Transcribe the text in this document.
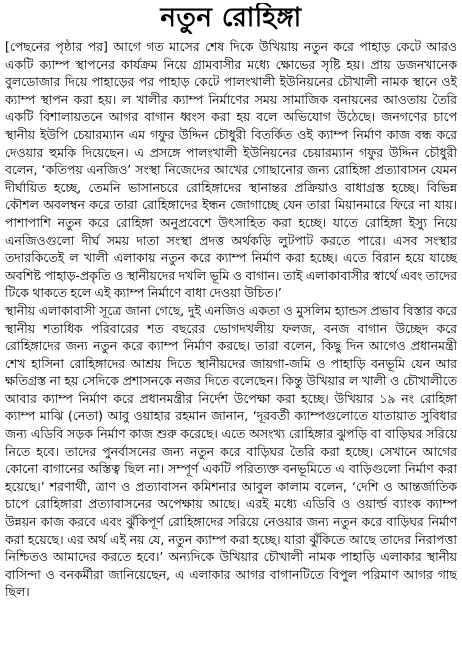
নতুন রোহিঙ্গা
[পেছনের পৃষ্ঠার পর] আগে গত মাসের শেষ দিকে উখিয়ায় নতুন করে পাহাড় কেটে আরও একটি ক্যাম্প স্থাপনের কার্যক্রম নিয়ে গ্রামবাসীর মধ্যে ক্ষোভের সৃষ্টি হয়। প্রায় ডজনখানেক বুলডোজার দিয়ে পাহাড়ের পর পাহাড় কেটে পালংখালী ইউনিয়নের চৌখালী নামক স্থানে ওই ক্যাম্প স্থাপন করা হয়। ল খালীর ক্যাম্প নির্মাণের সময় সামাজিক বনায়নের আওতায় তৈরি একটি বিশালায়তনে আগর বাগান ধ্বংস করা হয় বলে অভিযোগ উঠেছে। জনগণের চাপে স্থানীয় ইউপি চেয়ারম্যান এম গফুর উদ্দিন চৌধুরী বিতর্কিত ওই ক্যাম্প নির্মাণ কাজ বন্ধ করে দেওয়ার হুমকি দিয়েছেন। এ প্রসঙ্গে পালংখালী ইউনিয়নের চেয়ারম্যান গফুর উদ্দিন চৌধুরী বলেন, ‘কতিপয় এনজিও’ সংস্থা নিজেদের আখের গোছানোর জন্য রোহিঙ্গা প্রত্যাবাসন যেমন দীর্ঘায়িত হচ্ছে, তেমনি ভাসানচরে রোহিঙ্গাদের স্থানান্তর প্রক্রিয়াও বাধাগ্রস্ত হচ্ছে। বিভিন্ন কৌশল অবলম্বন করে তারা রোহিঙ্গাদের ইন্ধন জোগাচ্ছে যেন তারা মিয়ানমারে ফিরে না যায়। পাশাপাশি নতুন করে রোহিঙ্গা অনুপ্রবেশে উৎসাহিত করা হচ্ছে। যাতে রোহিঙ্গা ইস্যু নিয়ে এনজিওগুলো দীর্ঘ সময় দাতা সংস্থা প্রদত্ত অর্থকড়ি লুটপাট করতে পারে। এসব সংস্থার তদারকিতেই ল খালী এলাকায় নতুন করে ক্যাম্প নির্মাণ করা হচ্ছে। এতে বিরান হয়ে যাচ্ছে অবশিষ্ট পাহাড়-প্রকৃতি ও স্থানীয়দের দখলি ভূমি ও বাগান। তাই এলাকাবাসীর স্বার্থে এবং তাদের টিকে থাকতে হলে এই ক্যাম্প নির্মাণে বাধা দেওয়া উচিত।’
স্থানীয় এলাকাবাসী সূত্রে জানা গেছে, দুই এনজিও একতা ও মুসলিম হ্যান্ডস প্রভাব বিস্তার করে স্থানীয় শতাধিক পরিবারের শত বছরের ভোগদখলীয় ফলজ, বনজ বাগান উচ্ছেদ করে রোহিঙ্গাদের জন্য নতুন করে ক্যাম্প নির্মাণ করছে। তারা বলেন, কিছু দিন আগেও প্রধানমন্ত্রী শেখ হাসিনা রোহিঙ্গাদের আশ্রয় দিতে স্থানীয়দের জায়গা-জমি ও পাহাড়ি বনভূমি যেন আর ক্ষতিগ্রস্ত না হয় সেদিকে প্রশাসনকে নজর দিতে বলেছেন। কিন্তু উখিয়ার ল খালী ও চৌখালীতে আবার ক্যাম্প নির্মাণ করে প্রধানমন্ত্রীর নির্দেশ উপেক্ষা করা হচ্ছে। উখিয়ার ১৯ নং রোহিঙ্গা ক্যাম্প মাঝি (নেতা) আবু ওয়াহার রহমান জানান, ‘দূরবর্তী ক্যাম্পগুলোতে যাতায়াত সুবিধার জন্য এডিবি সড়ক নির্মাণ কাজ শুরু করেছে। এতে অসংখ্য রোহিঙ্গার ঝুপড়ি বা বাড়িঘর সরিয়ে নিতে হবে। তাদের পুনর্বাসনের জন্য নতুন করে বাড়িঘর তৈরি করা হচ্ছে। সেখানে আগের কোনো বাগানের অস্তিত্ব ছিল না। সম্পূর্ণ একটি পরিত্যক্ত বনভূমিতে এ বাড়িগুলো নির্মাণ করা হয়েছে।’ শরণার্থী, ত্রাণ ও প্রত্যাবাসন কমিশনার আবুল কালাম বলেন, ‘দেশি ও আন্তর্জাতিক চাপে রোহিঙ্গারা প্রত্যাবাসনের অপেক্ষায় আছে। এরই মধ্যে এডিবি ও ওয়ার্ল্ড ব্যাংক ক্যাম্প উন্নয়ন কাজ করবে এবং ঝুঁকিপূর্ণ রোহিঙ্গাদের সরিয়ে নেওয়ার জন্য নতুন করে বাড়িঘর নির্মাণ করা হয়েছে। এর অর্থ এই নয় যে, নতুন ক্যাম্প করা হচ্ছে। যারা ঝুঁকিতে আছে তাদের নিরাপত্তা নিশ্চিতও আমাদের করতে হবে।’ অন্যদিকে উখিয়ার চৌখালী নামক পাহাড়ি এলাকার স্থানীয় বাসিন্দা ও বনকর্মীরা জানিয়েছেন, এ এলাকার আগর বাগানটিতে বিপুল পরিমাণ আগর গাছ ছিল।
